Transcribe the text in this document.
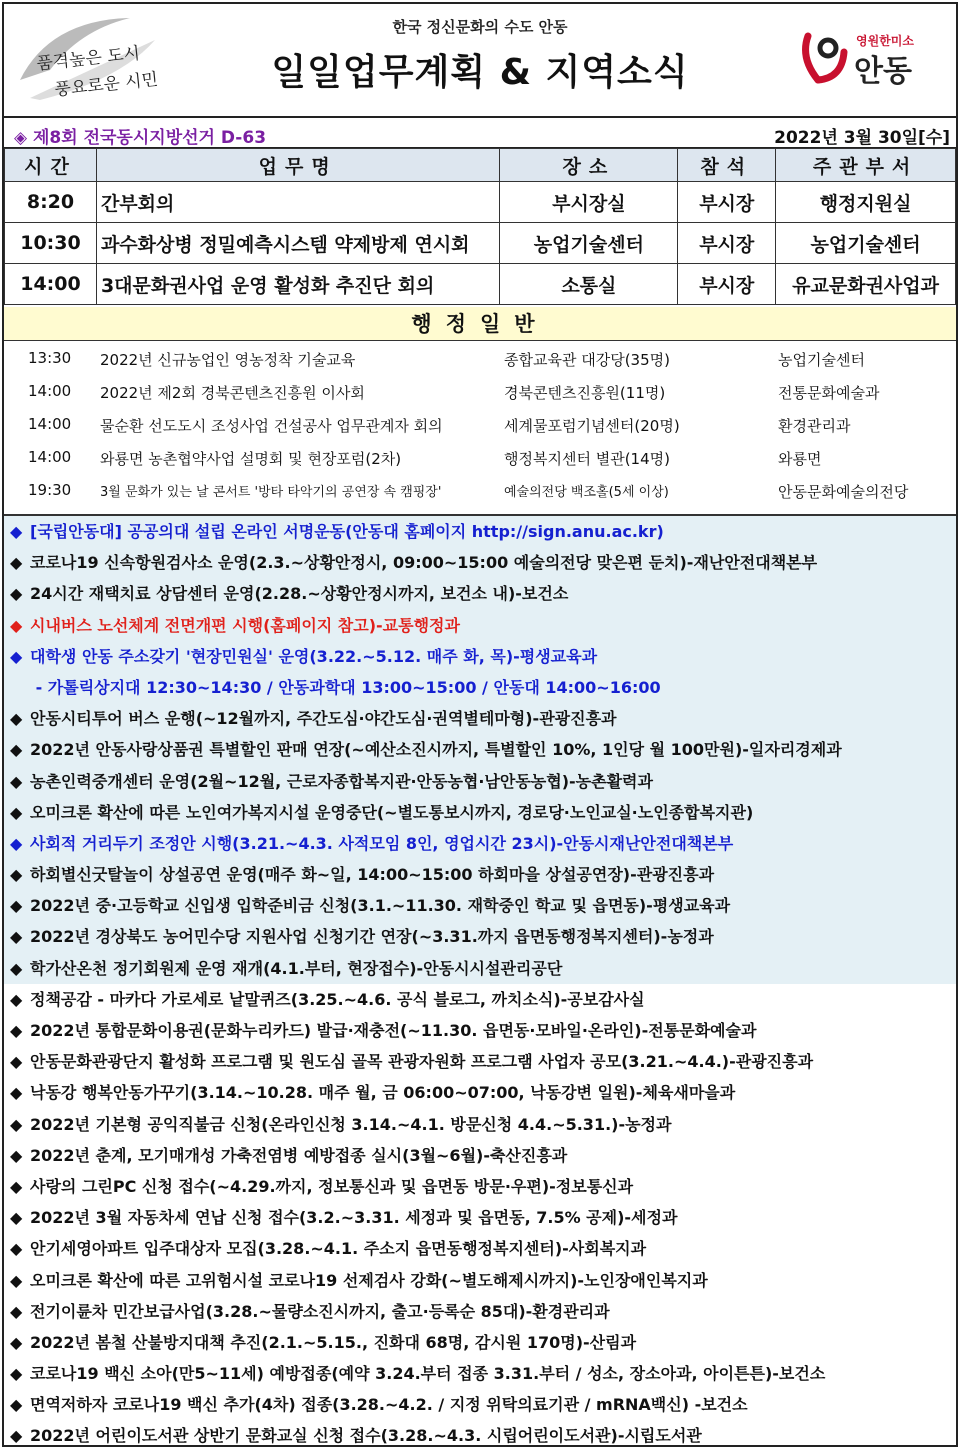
품격높은 도시
풍요로운 시민
한국 정신문화의 수도 안동
일일업무계획 & 지역소식
영원한미소
안동
◈ 제8회 전국동시지방선거 D-63	2022년 3월 30일[수]
시간	업무명	장소	참석	주관부서
8:20	간부회의	부시장실	부시장	행정지원실
10:30	과수화상병 정밀예측시스템 약제방제 연시회	농업기술센터	부시장	농업기술센터
14:00	3대문화권사업 운영 활성화 추진단 회의	소통실	부시장	유교문화권사업과
행정일반
13:30 2022년 신규농업인 영농정착 기술교육	종합교육관 대강당(35명)	농업기술센터
14:00 2022년 제2회 경북콘텐츠진흥원 이사회	경북콘텐츠진흥원(11명)	전통문화예술과
14:00 물순환 선도도시 조성사업 건설공사 업무관계자 회의	세계물포럼기념센터(20명)	환경관리과
14:00 와룡면 농촌협약사업 설명회 및 현장포럼(2차)	행정복지센터 별관(14명)	와룡면
19:30 3월 문화가 있는 날 콘서트 '방타 타악기의 공연장 속 캠핑장'	예술의전당 백조홀(5세 이상)	안동문화예술의전당
◆ [국립안동대] 공공의대 설립 온라인 서명운동(안동대 홈페이지 http://sign.anu.ac.kr)
◆ 코로나19 신속항원검사소 운영(2.3.~상황안정시, 09:00~15:00 예술의전당 맞은편 둔치)-재난안전대책본부
◆ 24시간 재택치료 상담센터 운영(2.28.~상황안정시까지, 보건소 내)-보건소
◆ 시내버스 노선체계 전면개편 시행(홈페이지 참고)-교통행정과
◆ 대학생 안동 주소갖기 '현장민원실' 운영(3.22.~5.12. 매주 화, 목)-평생교육과
- 가톨릭상지대 12:30~14:30 / 안동과학대 13:00~15:00 / 안동대 14:00~16:00
◆ 안동시티투어 버스 운행(~12월까지, 주간도심·야간도심·권역별테마형)-관광진흥과
◆ 2022년 안동사랑상품권 특별할인 판매 연장(~예산소진시까지, 특별할인 10%, 1인당 월 100만원)-일자리경제과
◆ 농촌인력중개센터 운영(2월~12월, 근로자종합복지관·안동농협·남안동농협)-농촌활력과
◆ 오미크론 확산에 따른 노인여가복지시설 운영중단(~별도통보시까지, 경로당·노인교실·노인종합복지관)
◆ 사회적 거리두기 조정안 시행(3.21.~4.3. 사적모임 8인, 영업시간 23시)-안동시재난안전대책본부
◆ 하회별신굿탈놀이 상설공연 운영(매주 화~일, 14:00~15:00 하회마을 상설공연장)-관광진흥과
◆ 2022년 중·고등학교 신입생 입학준비금 신청(3.1.~11.30. 재학중인 학교 및 읍면동)-평생교육과
◆ 2022년 경상북도 농어민수당 지원사업 신청기간 연장(~3.31.까지 읍면동행정복지센터)-농정과
◆ 학가산온천 정기회원제 운영 재개(4.1.부터, 현장접수)-안동시시설관리공단
◆ 정책공감 - 마카다 가로세로 낱말퀴즈(3.25.~4.6. 공식 블로그, 까치소식)-공보감사실
◆ 2022년 통합문화이용권(문화누리카드) 발급·재충전(~11.30. 읍면동·모바일·온라인)-전통문화예술과
◆ 안동문화관광단지 활성화 프로그램 및 원도심 골목 관광자원화 프로그램 사업자 공모(3.21.~4.4.)-관광진흥과
◆ 낙동강 행복안동가꾸기(3.14.~10.28. 매주 월, 금 06:00~07:00, 낙동강변 일원)-체육새마을과
◆ 2022년 기본형 공익직불금 신청(온라인신청 3.14.~4.1. 방문신청 4.4.~5.31.)-농정과
◆ 2022년 춘계, 모기매개성 가축전염병 예방접종 실시(3월~6월)-축산진흥과
◆ 사랑의 그린PC 신청 접수(~4.29.까지, 정보통신과 및 읍면동 방문·우편)-정보통신과
◆ 2022년 3월 자동차세 연납 신청 접수(3.2.~3.31. 세정과 및 읍면동, 7.5% 공제)-세정과
◆ 안기세영아파트 입주대상자 모집(3.28.~4.1. 주소지 읍면동행정복지센터)-사회복지과
◆ 오미크론 확산에 따른 고위험시설 코로나19 선제검사 강화(~별도해제시까지)-노인장애인복지과
◆ 전기이륜차 민간보급사업(3.28.~물량소진시까지, 출고·등록순 85대)-환경관리과
◆ 2022년 봄철 산불방지대책 추진(2.1.~5.15., 진화대 68명, 감시원 170명)-산림과
◆ 코로나19 백신 소아(만5~11세) 예방접종(예약 3.24.부터 접종 3.31.부터 / 성소, 장소아과, 아이튼튼)-보건소
◆ 면역저하자 코로나19 백신 추가(4차) 접종(3.28.~4.2. / 지정 위탁의료기관 / mRNA백신) -보건소
◆ 2022년 어린이도서관 상반기 문화교실 신청 접수(3.28.~4.3. 시립어린이도서관)-시립도서관
